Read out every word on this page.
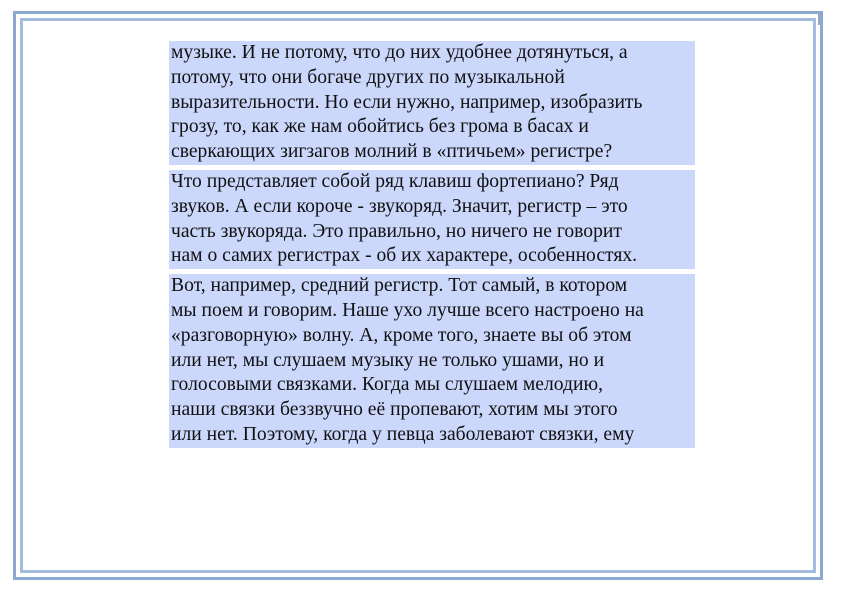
музыке. И не потому, что до них удобнее дотянуться, а
потому, что они богаче других по музыкальной
выразительности. Но если нужно, например, изобразить
грозу, то, как же нам обойтись без грома в басах и
сверкающих зигзагов молний в «птичьем» регистре?
Что представляет собой ряд клавиш фортепиано? Ряд
звуков. А если короче - звукоряд. Значит, регистр – это
часть звукоряда. Это правильно, но ничего не говорит
нам о самих регистрах - об их характере, особенностях.
Вот, например, средний регистр. Тот самый, в котором
мы поем и говорим. Наше ухо лучше всего настроено на
«разговорную» волну. А, кроме того, знаете вы об этом
или нет, мы слушаем музыку не только ушами, но и
голосовыми связками. Когда мы слушаем мелодию,
наши связки беззвучно её пропевают, хотим мы этого
или нет. Поэтому, когда у певца заболевают связки, ему
